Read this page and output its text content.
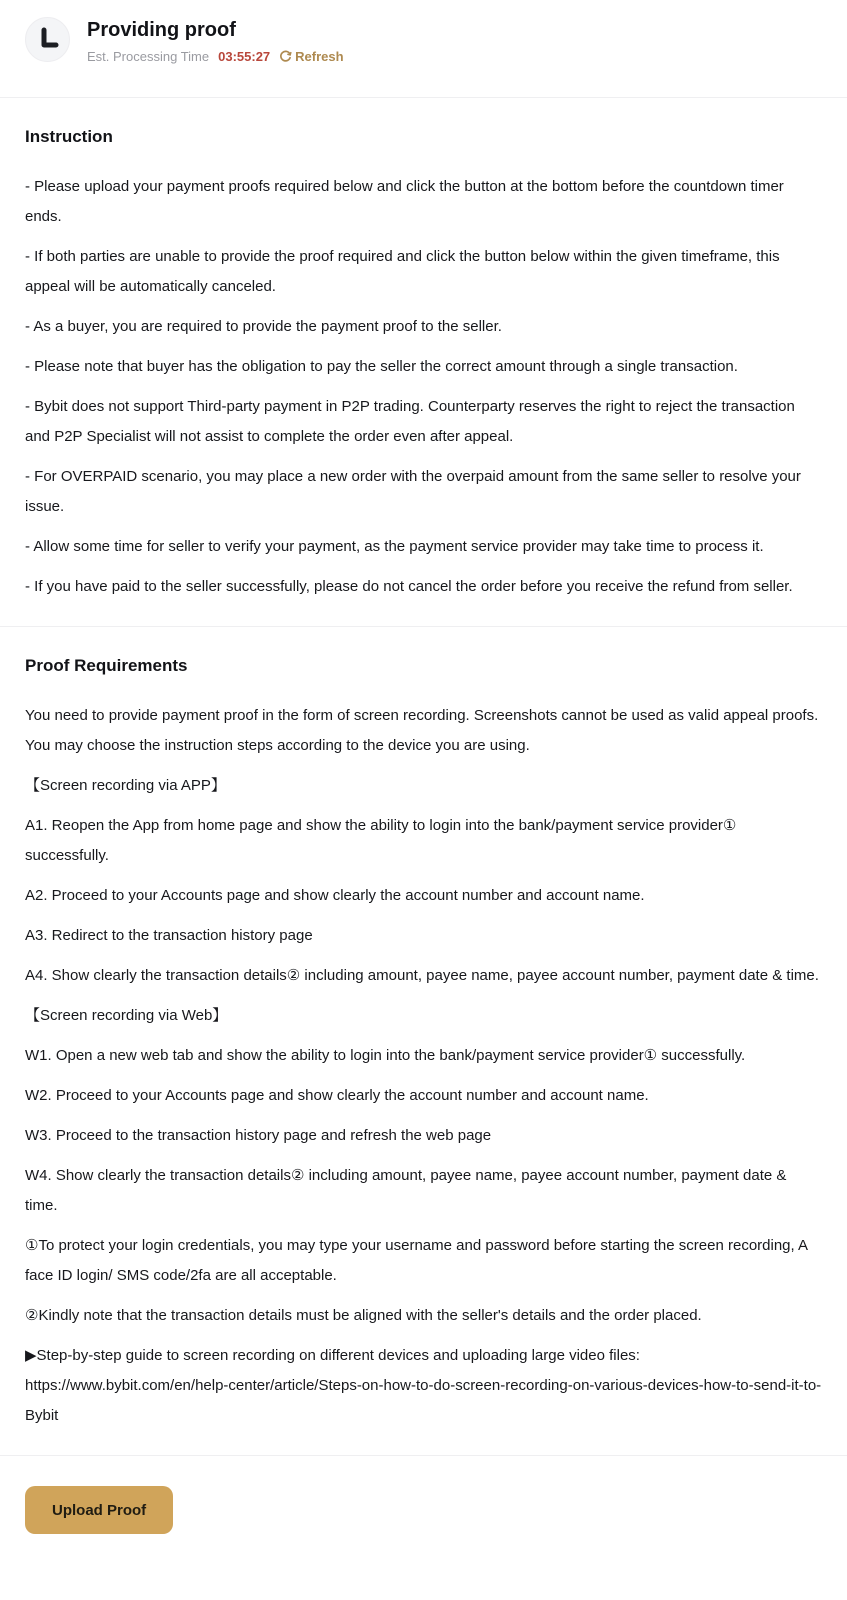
Providing proof
Est. Processing Time 03:55:27 Refresh
Instruction

- Please upload your payment proofs required below and click the button at the bottom before the countdown timer ends.

- If both parties are unable to provide the proof required and click the button below within the given timeframe, this appeal will be automatically canceled.

- As a buyer, you are required to provide the payment proof to the seller.

- Please note that buyer has the obligation to pay the seller the correct amount through a single transaction.

- Bybit does not support Third-party payment in P2P trading. Counterparty reserves the right to reject the transaction and P2P Specialist will not assist to complete the order even after appeal.

- For OVERPAID scenario, you may place a new order with the overpaid amount from the same seller to resolve your issue.

- Allow some time for seller to verify your payment, as the payment service provider may take time to process it.

- If you have paid to the seller successfully, please do not cancel the order before you receive the refund from seller.

Proof Requirements

You need to provide payment proof in the form of screen recording. Screenshots cannot be used as valid appeal proofs. You may choose the instruction steps according to the device you are using.

【Screen recording via APP】

A1. Reopen the App from home page and show the ability to login into the bank/payment service provider① successfully.

A2. Proceed to your Accounts page and show clearly the account number and account name.

A3. Redirect to the transaction history page

A4. Show clearly the transaction details② including amount, payee name, payee account number, payment date & time.

【Screen recording via Web】

W1. Open a new web tab and show the ability to login into the bank/payment service provider① successfully.

W2. Proceed to your Accounts page and show clearly the account number and account name.

W3. Proceed to the transaction history page and refresh the web page

W4. Show clearly the transaction details② including amount, payee name, payee account number, payment date & time.

①To protect your login credentials, you may type your username and password before starting the screen recording, A face ID login/ SMS code/2fa are all acceptable.

②Kindly note that the transaction details must be aligned with the seller's details and the order placed.

▶Step-by-step guide to screen recording on different devices and uploading large video files: https://www.bybit.com/en/help-center/article/Steps-on-how-to-do-screen-recording-on-various-devices-how-to-send-it-to-Bybit

Upload Proof
